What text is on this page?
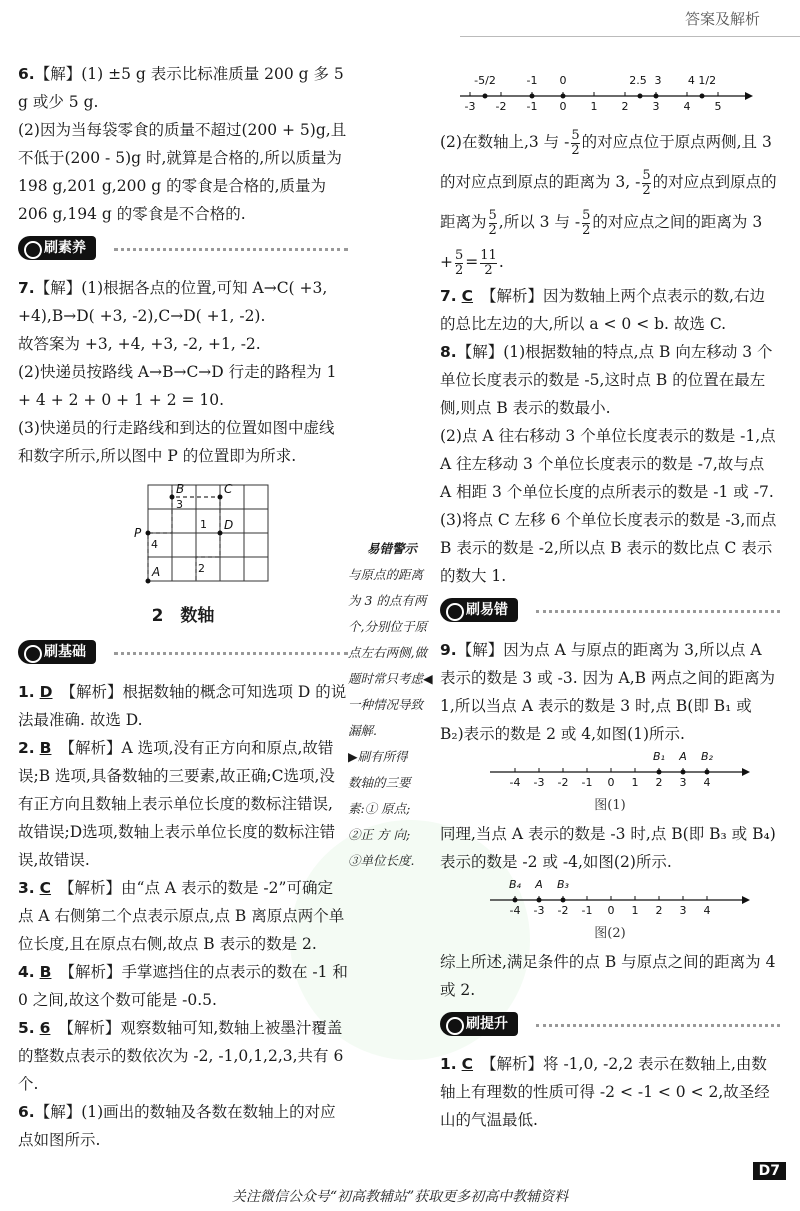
答案及解析

6.【解】(1) ±5 g 表示比标准质量 200 g 多 5 g 或少 5 g.

(2)因为当每袋零食的质量不超过(200 + 5)g,且不低于(200 - 5)g 时,就算是合格的,所以质量为 198 g,201 g,200 g 的零食是合格的,质量为 206 g,194 g 的零食是不合格的.

刷素养

7.【解】(1)根据各点的位置,可知 A→C( +3, +4),B→D( +3, -2),C→D( +1, -2).

故答案为 +3, +4, +3, -2, +1, -2.

(2)快递员按路线 A→B→C→D 行走的路程为 1 + 4 + 2 + 0 + 1 + 2 = 10.

(3)快递员的行走路线和到达的位置如图中虚线和数字所示,所以图中 P 的位置即为所求.

A
B	C
D
P
3
4
1
2
2　数轴
刷基础

1. D 【解析】根据数轴的概念可知选项 D 的说法最准确. 故选 D.

2. B 【解析】A 选项,没有正方向和原点,故错误;B 选项,具备数轴的三要素,故正确;C选项,没有正方向且数轴上表示单位长度的数标注错误,故错误;D选项,数轴上表示单位长度的数标注错误,故错误.

3. C 【解析】由“点 A 表示的数是 -2”可确定点 A 右侧第二个点表示原点,点 B 离原点两个单位长度,且在原点右侧,故点 B 表示的数是 2.

4. B 【解析】手掌遮挡住的点表示的数在 -1 和 0 之间,故这个数可能是 -0.5.

5. 6 【解析】观察数轴可知,数轴上被墨汁覆盖的整数点表示的数依次为 -2, -1,0,1,2,3,共有 6 个.

6.【解】(1)画出的数轴及各数在数轴上的对应点如图所示.

易错警示

与原点的距离

为 3 的点有两

个,分别位于原

点左右两侧,做

题时常只考虑◀

一种情况导致

漏解.

▶刷有所得

数轴的三要

素:① 原点;

②正 方 向;

③单位长度.

-3 -2 -1 0 1 2 3 4 5
-5/2	-1 0	2.5 3 4 1/2
(2)在数轴上,3 与 - $\frac{5}{2}$ 的对应点位于原点两侧,且 3 的对应点到原点的距离为 3, - $\frac{5}{2}$ 的对应点到原点的距离为 $\frac{5}{2}$ ,所以 3 与 - $\frac{5}{2}$ 的对应点之间的距离为 $3 + \frac{5}{2} = \frac{11}{2}$ .

7. C 【解析】因为数轴上两个点表示的数,右边的总比左边的大,所以 a < 0 < b. 故选 C.

8.【解】(1)根据数轴的特点,点 B 向左移动 3 个单位长度表示的数是 -5,这时点 B 的位置在最左侧,则点 B 表示的数最小.

(2)点 A 往右移动 3 个单位长度表示的数是 -1,点 A 往左移动 3 个单位长度表示的数是 -7,故与点 A 相距 3 个单位长度的点所表示的数是 -1 或 -7.

(3)将点 C 左移 6 个单位长度表示的数是 -3,而点 B 表示的数是 -2,所以点 B 表示的数比点 C 表示的数大 1.

刷易错

9.【解】因为点 A 与原点的距离为 3,所以点 A 表示的数是 3 或 -3. 因为 A,B 两点之间的距离为 1,所以当点 A 表示的数是 3 时,点 B(即 B₁ 或 B₂)表示的数是 2 或 4,如图(1)所示.

-4 -3 -2 -1 0 1 2 3 4
B₁ A B₂
图(1)

同理,当点 A 表示的数是 -3 时,点 B(即 B₃ 或 B₄)表示的数是 -2 或 -4,如图(2)所示.

-4 -3 -2 -1 0 1 2 3 4
B₄ A B₃
图(2)

综上所述,满足条件的点 B 与原点之间的距离为 4 或 2.

刷提升

1. C 【解析】将 -1,0, -2,2 表示在数轴上,由数轴上有理数的性质可得 -2 < -1 < 0 < 2,故圣经山的气温最低.

D7
关注微信公众号“初高教辅站”获取更多初高中教辅资料
